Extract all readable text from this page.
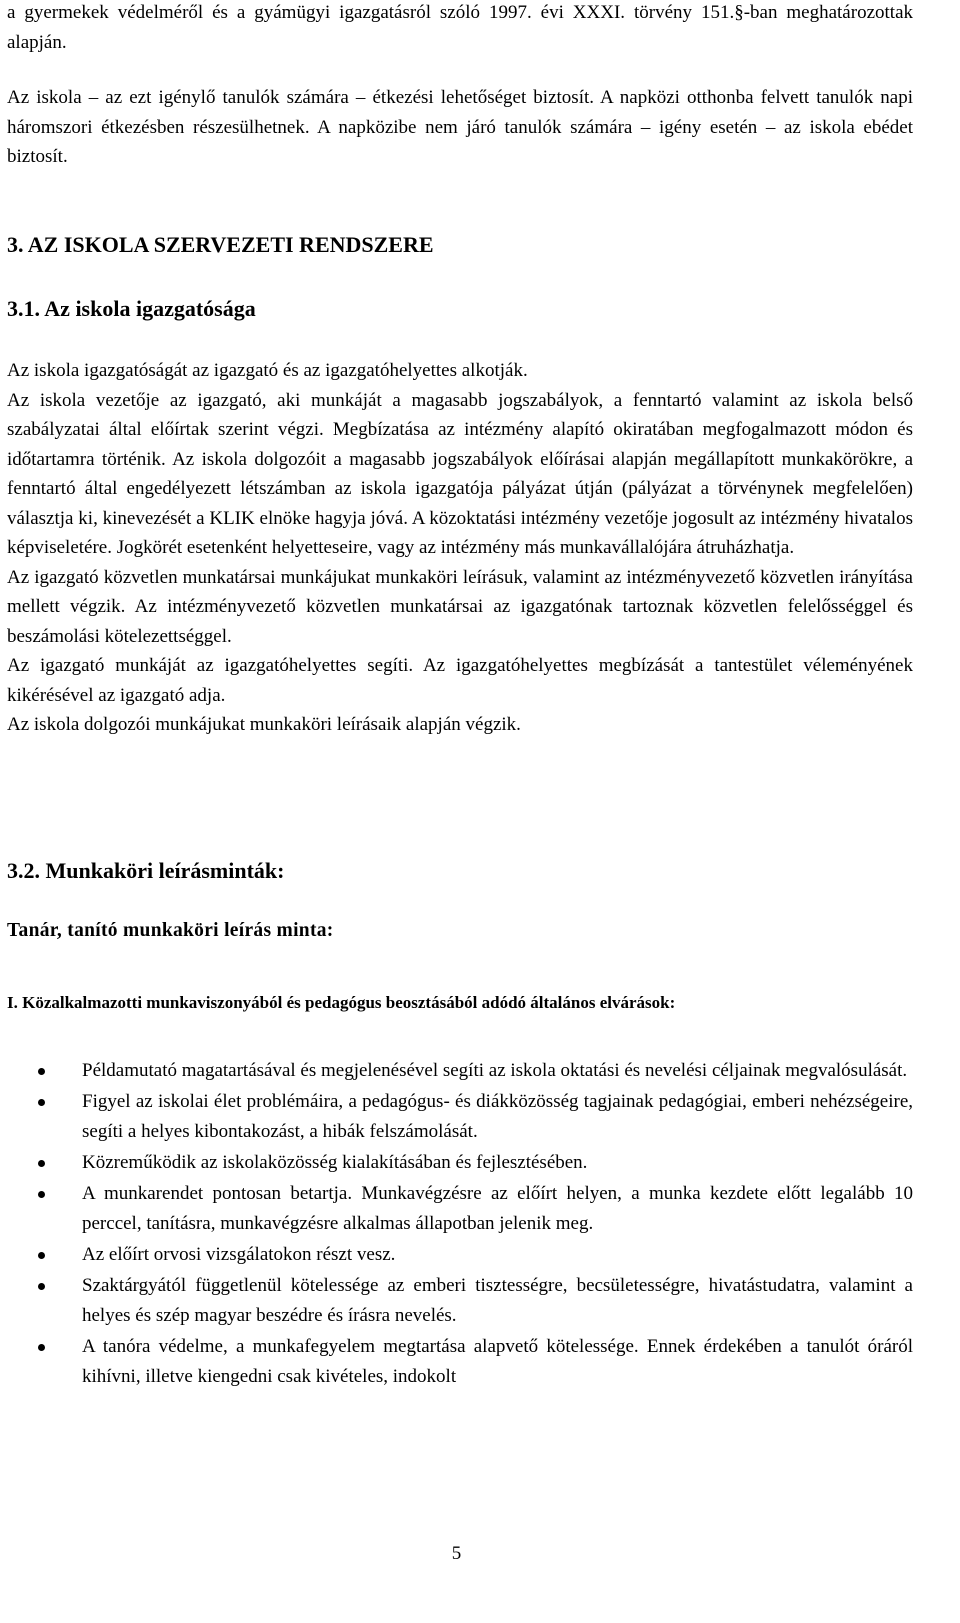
a gyermekek védelméről és a gyámügyi igazgatásról szóló 1997. évi XXXI. törvény 151.§-ban meghatározottak alapján.

Az iskola – az ezt igénylő tanulók számára – étkezési lehetőséget biztosít. A napközi otthonba felvett tanulók napi háromszori étkezésben részesülhetnek. A napközibe nem járó tanulók számára – igény esetén – az iskola ebédet biztosít.

3. AZ ISKOLA SZERVEZETI RENDSZERE
3.1. Az iskola igazgatósága
Az iskola igazgatóságát az igazgató és az igazgatóhelyettes alkotják.
Az iskola vezetője az igazgató, aki munkáját a magasabb jogszabályok, a fenntartó valamint az iskola belső szabályzatai által előírtak szerint végzi. Megbízatása az intézmény alapító okiratában megfogalmazott módon és időtartamra történik. Az iskola dolgozóit a magasabb jogszabályok előírásai alapján megállapított munkakörökre, a fenntartó által engedélyezett létszámban az iskola igazgatója pályázat útján (pályázat a törvénynek megfelelően) választja ki, kinevezését a KLIK elnöke hagyja jóvá. A közoktatási intézmény vezetője jogosult az intézmény hivatalos képviseletére. Jogkörét esetenként helyetteseire, vagy az intézmény más munkavállalójára átruházhatja.
Az igazgató közvetlen munkatársai munkájukat munkaköri leírásuk, valamint az intézményvezető közvetlen irányítása mellett végzik. Az intézményvezető közvetlen munkatársai az igazgatónak tartoznak közvetlen felelősséggel és beszámolási kötelezettséggel.
Az igazgató munkáját az igazgatóhelyettes segíti. Az igazgatóhelyettes megbízását a tantestület véleményének kikérésével az igazgató adja.
Az iskola dolgozói munkájukat munkaköri leírásaik alapján végzik.
3.2. Munkaköri leírásminták:
Tanár, tanító munkaköri leírás minta:
I. Közalkalmazotti munkaviszonyából és pedagógus beosztásából adódó általános elvárások:
Példamutató magatartásával és megjelenésével segíti az iskola oktatási és nevelési céljainak megvalósulását.
Figyel az iskolai élet problémáira, a pedagógus- és diákközösség tagjainak pedagógiai, emberi nehézségeire, segíti a helyes kibontakozást, a hibák felszámolását.
Közreműködik az iskolaközösség kialakításában és fejlesztésében.
A munkarendet pontosan betartja. Munkavégzésre az előírt helyen, a munka kezdete előtt legalább 10 perccel, tanításra, munkavégzésre alkalmas állapotban jelenik meg.
Az előírt orvosi vizsgálatokon részt vesz.
Szaktárgyától függetlenül kötelessége az emberi tisztességre, becsületességre, hivatástudatra, valamint a helyes és szép magyar beszédre és írásra nevelés.
A tanóra védelme, a munkafegyelem megtartása alapvető kötelessége. Ennek érdekében a tanulót óráról kihívni, illetve kiengedni csak kivételes, indokolt

5
